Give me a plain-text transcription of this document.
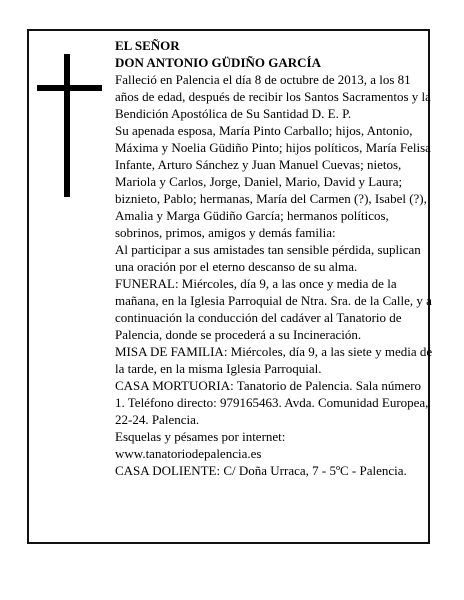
EL SEÑOR

DON ANTONIO GÜDIÑO GARCÍA

Falleció en Palencia el día 8 de octubre de 2013, a los 81 años de edad, después de recibir los Santos Sacramentos y la Bendición Apostólica de Su Santidad D. E. P.

Su apenada esposa, María Pinto Carballo; hijos, Antonio, Máxima y Noelia Güdiño Pinto; hijos políticos, María Felisa Infante, Arturo Sánchez y Juan Manuel Cuevas; nietos, Mariola y Carlos, Jorge, Daniel, Mario, David y Laura; biznieto, Pablo; hermanas, María del Carmen (?), Isabel (?), Amalia y Marga Güdiño García; hermanos políticos, sobrinos, primos, amigos y demás familia:

Al participar a sus amistades tan sensible pérdida, suplican una oración por el eterno descanso de su alma.

FUNERAL: Miércoles, día 9, a las once y media de la mañana, en la Iglesia Parroquial de Ntra. Sra. de la Calle, y a continuación la conducción del cadáver al Tanatorio de Palencia, donde se procederá a su Incineración.

MISA DE FAMILIA: Miércoles, día 9, a las siete y media de la tarde, en la misma Iglesia Parroquial.

CASA MORTUORIA: Tanatorio de Palencia. Sala número 1. Teléfono directo: 979165463. Avda. Comunidad Europea, 22-24. Palencia.

Esquelas y pésames por internet:

www.tanatoriodepalencia.es

CASA DOLIENTE: C/ Doña Urraca, 7 - 5ºC - Palencia.
